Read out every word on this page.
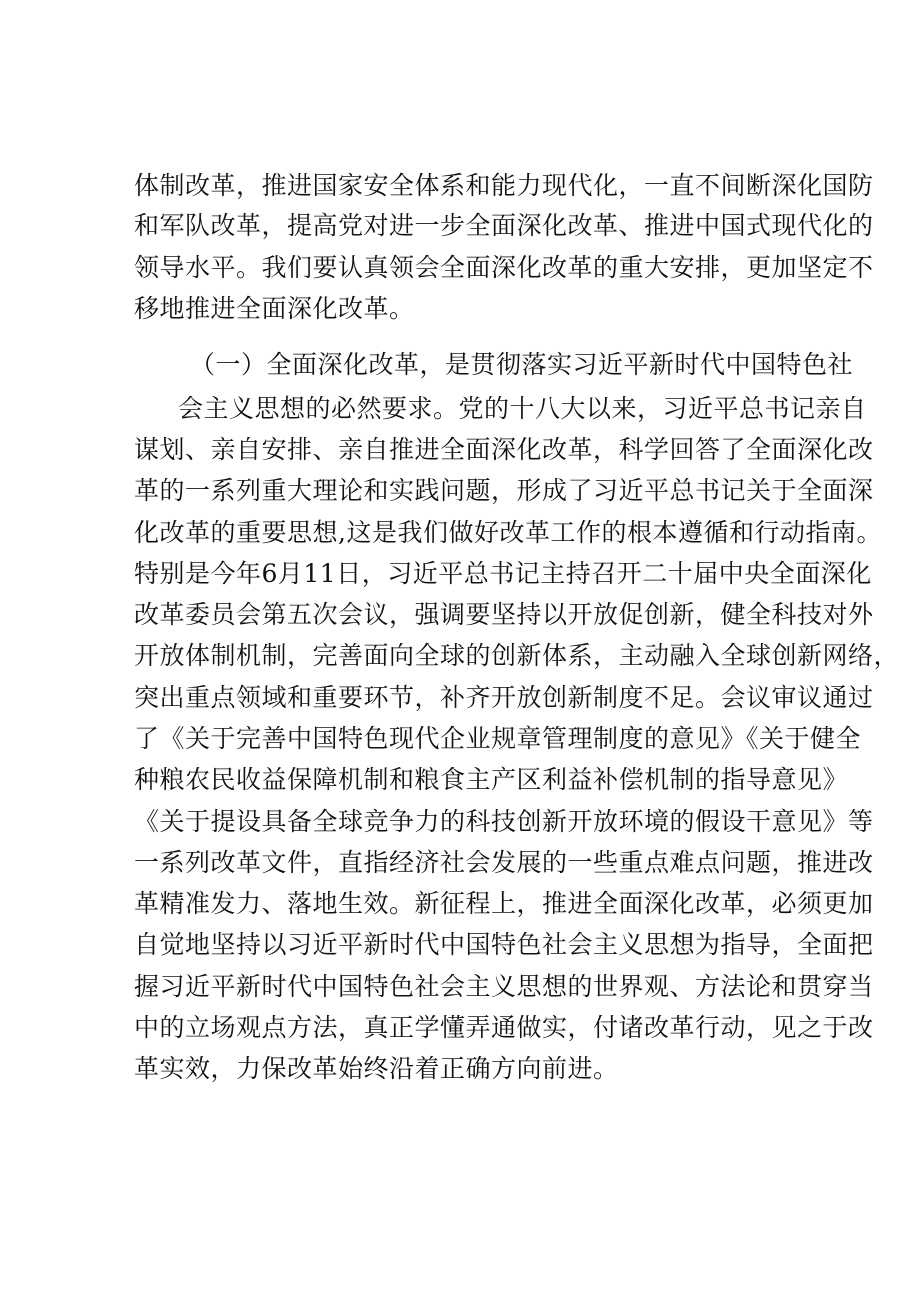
体制改革，推进国家安全体系和能力现代化，一直不间断深化国防
和军队改革，提高党对进一步全面深化改革、推进中国式现代化的
领导水平。我们要认真领会全面深化改革的重大安排，更加坚定不
移地推进全面深化改革。
（一）全面深化改革，是贯彻落实习近平新时代中国特色社
会主义思想的必然要求。党的十八大以来，习近平总书记亲自
谋划、亲自安排、亲自推进全面深化改革，科学回答了全面深化改
革的一系列重大理论和实践问题，形成了习近平总书记关于全面深
化改革的重要思想,这是我们做好改革工作的根本遵循和行动指南。
特别是今年6月11日，习近平总书记主持召开二十届中央全面深化
改革委员会第五次会议，强调要坚持以开放促创新，健全科技对外
开放体制机制，完善面向全球的创新体系，主动融入全球创新网络，
突出重点领域和重要环节，补齐开放创新制度不足。会议审议通过
了《关于完善中国特色现代企业规章管理制度的意见》《关于健全
种粮农民收益保障机制和粮食主产区利益补偿机制的指导意见》
《关于提设具备全球竞争力的科技创新开放环境的假设干意见》等
一系列改革文件，直指经济社会发展的一些重点难点问题，推进改
革精准发力、落地生效。新征程上，推进全面深化改革，必须更加
自觉地坚持以习近平新时代中国特色社会主义思想为指导，全面把
握习近平新时代中国特色社会主义思想的世界观、方法论和贯穿当
中的立场观点方法，真正学懂弄通做实，付诸改革行动，见之于改
革实效，力保改革始终沿着正确方向前进。
